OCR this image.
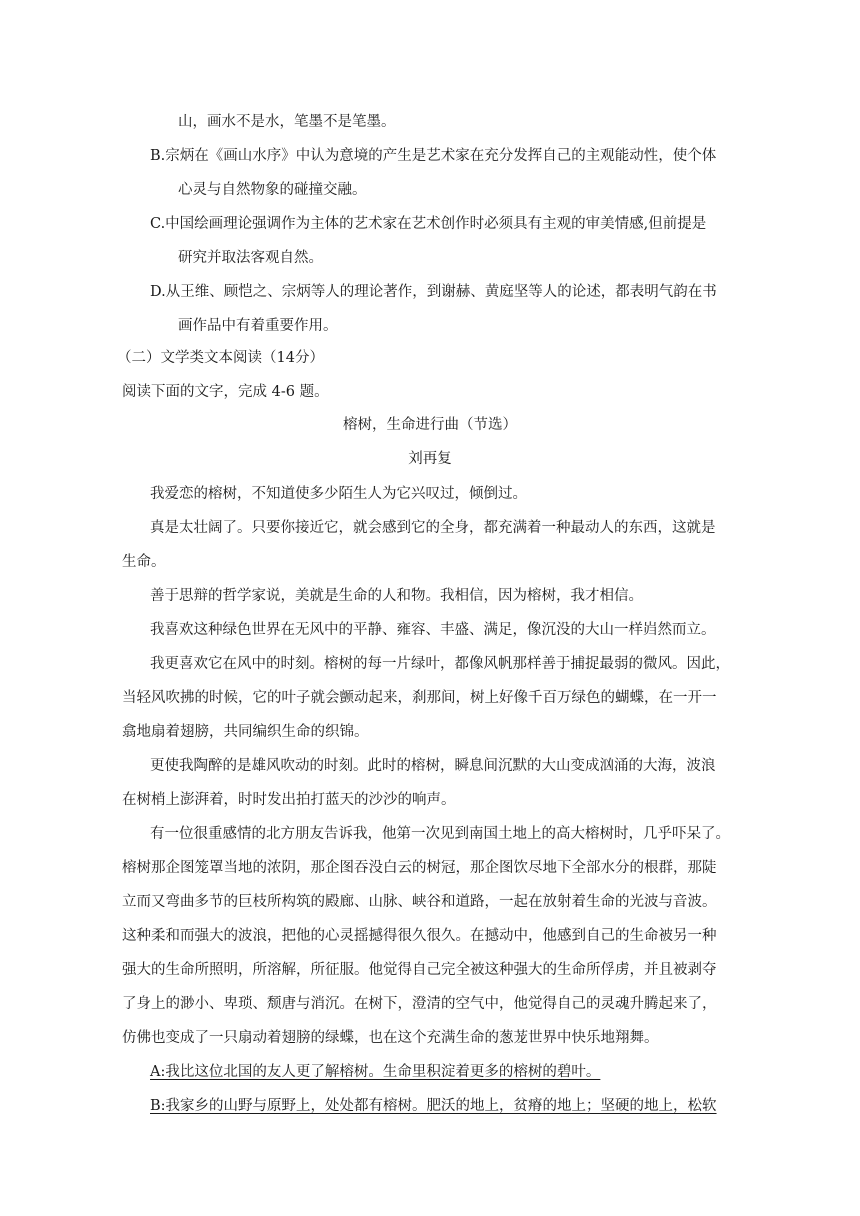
山，画水不是水，笔墨不是笔墨。
B.宗炳在《画山水序》中认为意境的产生是艺术家在充分发挥自己的主观能动性，使个体
心灵与自然物象的碰撞交融。
C.中国绘画理论强调作为主体的艺术家在艺术创作时必须具有主观的审美情感,但前提是
研究并取法客观自然。
D.从王维、顾恺之、宗炳等人的理论著作，到谢赫、黄庭坚等人的论述，都表明气韵在书
画作品中有着重要作用。
（二）文学类文本阅读（14分）
阅读下面的文字，完成 4-6 题。
榕树，生命进行曲（节选）
刘再复
我爱恋的榕树，不知道使多少陌生人为它兴叹过，倾倒过。
真是太壮阔了。只要你接近它，就会感到它的全身，都充满着一种最动人的东西，这就是
生命。
善于思辩的哲学家说，美就是生命的人和物。我相信，因为榕树，我才相信。
我喜欢这种绿色世界在无风中的平静、雍容、丰盛、满足，像沉没的大山一样岿然而立。
我更喜欢它在风中的时刻。榕树的每一片绿叶，都像风帆那样善于捕捉最弱的微风。因此，
当轻风吹拂的时候，它的叶子就会颤动起来，刹那间，树上好像千百万绿色的蝴蝶，在一开一
翕地扇着翅膀，共同编织生命的织锦。
更使我陶醉的是雄风吹动的时刻。此时的榕树，瞬息间沉默的大山变成汹涌的大海，波浪
在树梢上澎湃着，时时发出拍打蓝天的沙沙的响声。
有一位很重感情的北方朋友告诉我，他第一次见到南国土地上的高大榕树时，几乎吓呆了。
榕树那企图笼罩当地的浓阴，那企图吞没白云的树冠，那企图饮尽地下全部水分的根群，那陡
立而又弯曲多节的巨枝所构筑的殿廊、山脉、峡谷和道路，一起在放射着生命的光波与音波。
这种柔和而强大的波浪，把他的心灵摇撼得很久很久。在撼动中，他感到自己的生命被另一种
强大的生命所照明，所溶解，所征服。他觉得自己完全被这种强大的生命所俘虏，并且被剥夺
了身上的渺小、卑琐、颓唐与消沉。在树下，澄清的空气中，他觉得自己的灵魂升腾起来了，
仿佛也变成了一只扇动着翅膀的绿蝶，也在这个充满生命的葱茏世界中快乐地翔舞。
A:我比这位北国的友人更了解榕树。生命里积淀着更多的榕树的碧叶。
B:我家乡的山野与原野上，处处都有榕树。肥沃的地上，贫瘠的地上；坚硬的地上，松软
